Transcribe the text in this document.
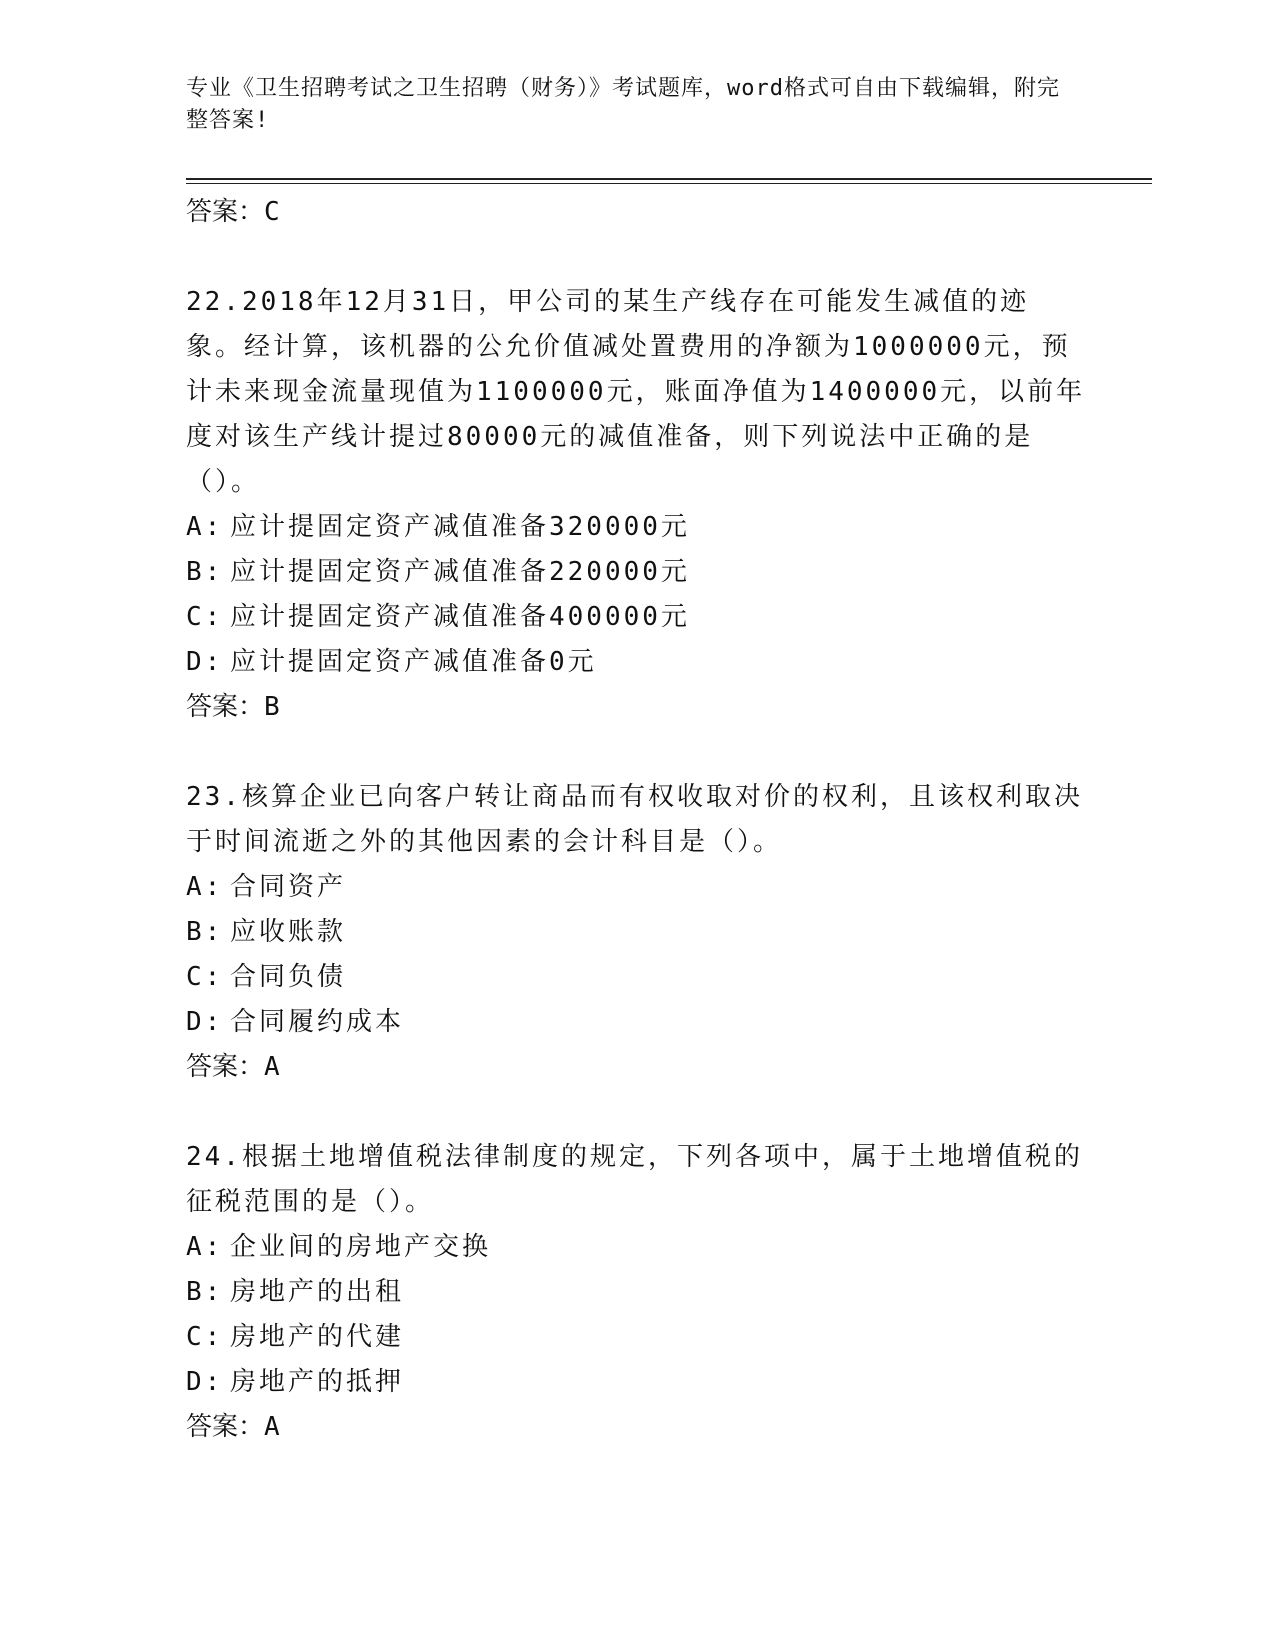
专业《卫生招聘考试之卫生招聘（财务）》考试题库，word格式可自由下载编辑，附完整答案!
答案：C

22.2018年12月31日，甲公司的某生产线存在可能发生减值的迹象。经计算，该机器的公允价值减处置费用的净额为1000000元，预计未来现金流量现值为1100000元，账面净值为1400000元，以前年度对该生产线计提过80000元的减值准备，则下列说法中正确的是（）。

A: 应计提固定资产减值准备320000元
B: 应计提固定资产减值准备220000元
C: 应计提固定资产减值准备400000元
D: 应计提固定资产减值准备0元
答案：B

23.核算企业已向客户转让商品而有权收取对价的权利，且该权利取决于时间流逝之外的其他因素的会计科目是（）。

A: 合同资产
B: 应收账款
C: 合同负债
D: 合同履约成本
答案：A

24.根据土地增值税法律制度的规定，下列各项中，属于土地增值税的征税范围的是（）。

A: 企业间的房地产交换
B: 房地产的出租
C: 房地产的代建
D: 房地产的抵押
答案：A
